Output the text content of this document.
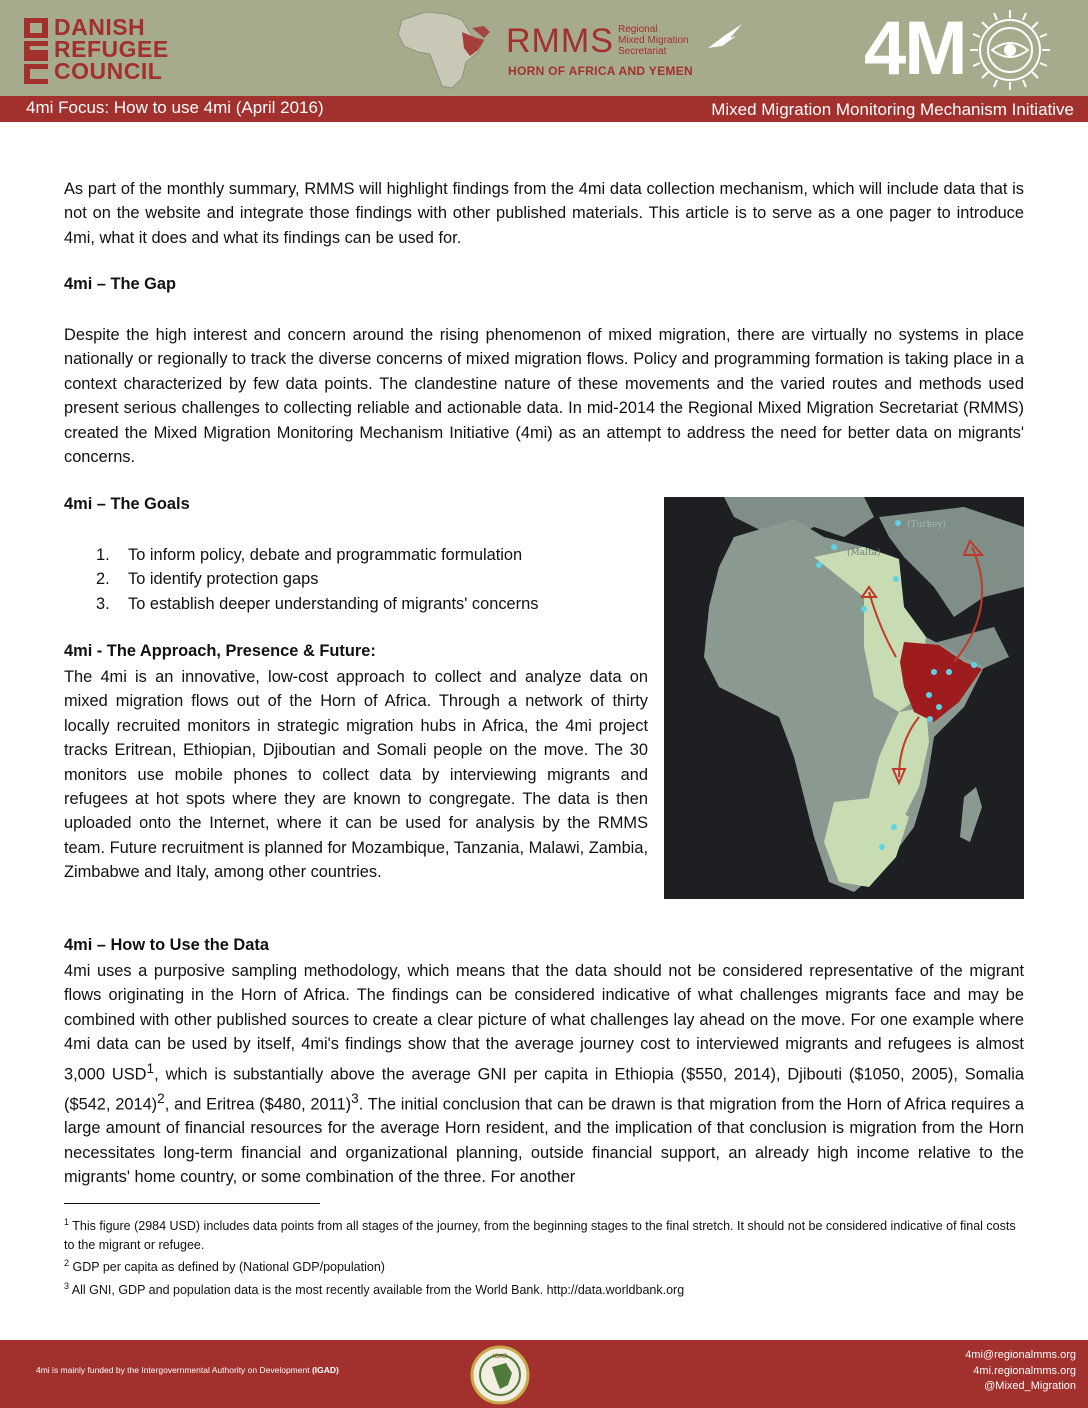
DANISH
REFUGEE
COUNCIL
RMMS Regional
Mixed Migration
Secretariat
HORN OF AFRICA AND YEMEN 4M
4mi Focus: How to use 4mi (April 2016)	Mixed Migration Monitoring Mechanism Initiative

As part of the monthly summary, RMMS will highlight findings from the 4mi data collection mechanism, which will include data that is not on the website and integrate those findings with other published materials. This article is to serve as a one pager to introduce 4mi, what it does and what its findings can be used for.

4mi – The Gap

Despite the high interest and concern around the rising phenomenon of mixed migration, there are virtually no systems in place nationally or regionally to track the diverse concerns of mixed migration flows. Policy and programming formation is taking place in a context characterized by few data points. The clandestine nature of these movements and the varied routes and methods used present serious challenges to collecting reliable and actionable data. In mid-2014 the Regional Mixed Migration Secretariat (RMMS) created the Mixed Migration Monitoring Mechanism Initiative (4mi) as an attempt to address the need for better data on migrants' concerns.

4mi – The Goals
1. To inform policy, debate and programmatic formulation
2. To identify protection gaps
3. To establish deeper understanding of migrants' concerns
4mi - The Approach, Presence & Future:

The 4mi is an innovative, low-cost approach to collect and analyze data on mixed migration flows out of the Horn of Africa. Through a network of thirty locally recruited monitors in strategic migration hubs in Africa, the 4mi project tracks Eritrean, Ethiopian, Djiboutian and Somali people on the move. The 30 monitors use mobile phones to collect data by interviewing migrants and refugees at hot spots where they are known to congregate. The data is then uploaded onto the Internet, where it can be used for analysis by the RMMS team. Future recruitment is planned for Mozambique, Tanzania, Malawi, Zambia, Zimbabwe and Italy, among other countries.

(Turkey)
(Malta)
4mi – How to Use the Data

4mi uses a purposive sampling methodology, which means that the data should not be considered representative of the migrant flows originating in the Horn of Africa. The findings can be considered indicative of what challenges migrants face and may be combined with other published sources to create a clear picture of what challenges lay ahead on the move. For one example where 4mi data can be used by itself, 4mi's findings show that the average journey cost to interviewed migrants and refugees is almost 3,000 USD$^1$, which is substantially above the average GNI per capita in Ethiopia ($550, 2014), Djibouti ($1050, 2005), Somalia ($542, 2014)$^2$, and Eritrea ($480, 2011)$^3$. The initial conclusion that can be drawn is that migration from the Horn of Africa requires a large amount of financial resources for the average Horn resident, and the implication of that conclusion is migration from the Horn necessitates long-term financial and organizational planning, outside financial support, an already high income relative to the migrants' home country, or some combination of the three. For another

$^1$ This figure (2984 USD) includes data points from all stages of the journey, from the beginning stages to the final stretch. It should not be considered indicative of final costs to the migrant or refugee.
$^2$ GDP per capita as defined by (National GDP/population)
$^3$ All GNI, GDP and population data is the most recently available from the World Bank. http://data.worldbank.org
4mi is mainly funded by the Intergovernmental Authority on Development (IGAD)
IGAD	4mi@regionalmms.org
4mi.regionalmms.org
@Mixed_Migration
